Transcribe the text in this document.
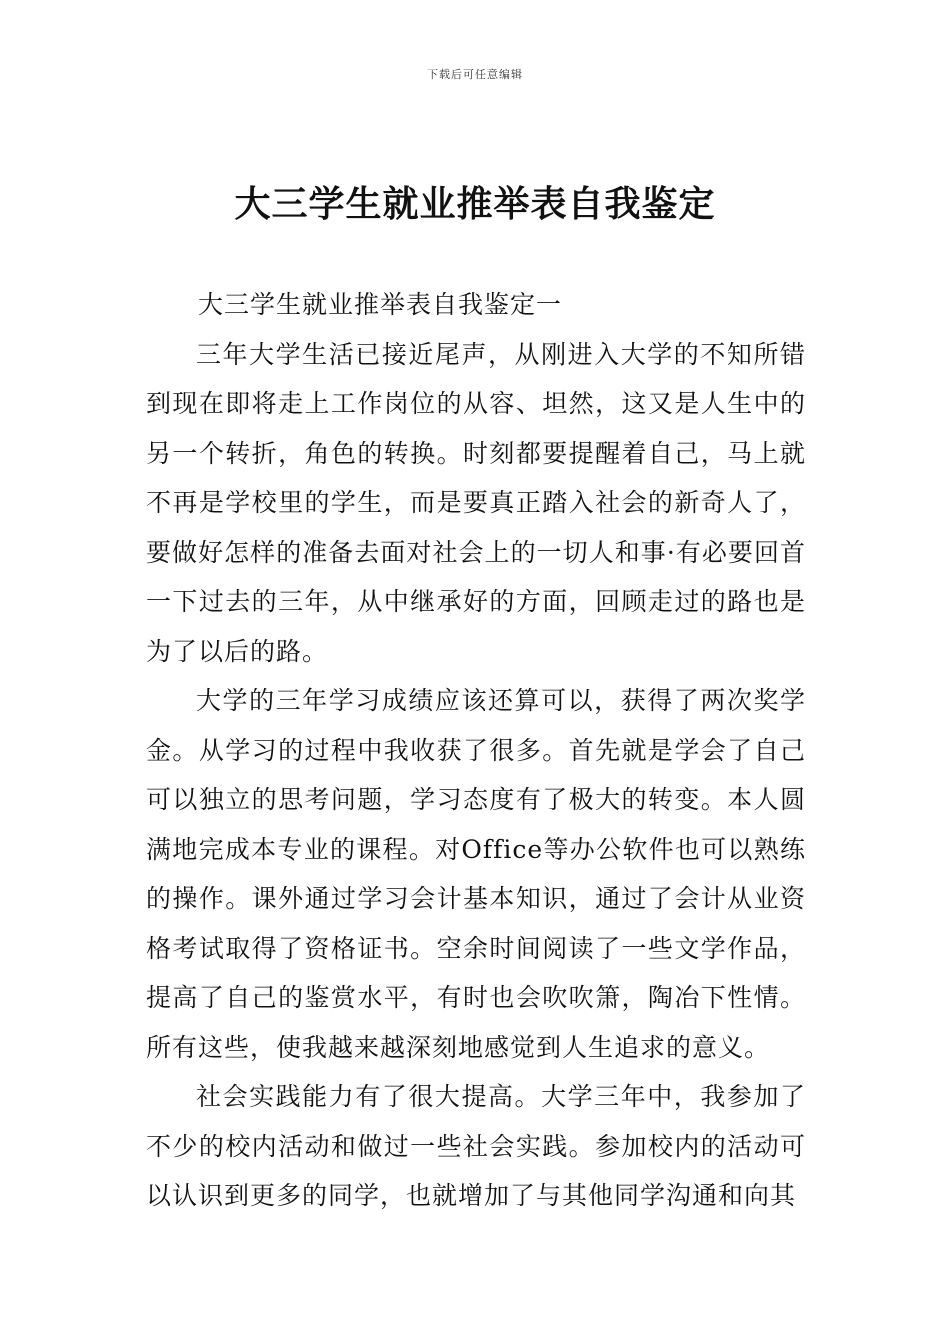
下载后可任意编辑
大三学生就业推举表自我鉴定
大三学生就业推举表自我鉴定一

三年大学生活已接近尾声，从刚进入大学的不知所错到现在即将走上工作岗位的从容、坦然，这又是人生中的另一个转折，角色的转换。时刻都要提醒着自己，马上就不再是学校里的学生，而是要真正踏入社会的新奇人了，要做好怎样的准备去面对社会上的一切人和事·有必要回首一下过去的三年，从中继承好的方面，回顾走过的路也是为了以后的路。

大学的三年学习成绩应该还算可以，获得了两次奖学金。从学习的过程中我收获了很多。首先就是学会了自己可以独立的思考问题，学习态度有了极大的转变。本人圆满地完成本专业的课程。对Office等办公软件也可以熟练的操作。课外通过学习会计基本知识，通过了会计从业资格考试取得了资格证书。空余时间阅读了一些文学作品，提高了自己的鉴赏水平，有时也会吹吹箫，陶冶下性情。所有这些，使我越来越深刻地感觉到人生追求的意义。

社会实践能力有了很大提高。大学三年中，我参加了不少的校内活动和做过一些社会实践。参加校内的活动可以认识到更多的同学，也就增加了与其他同学沟通和向其
